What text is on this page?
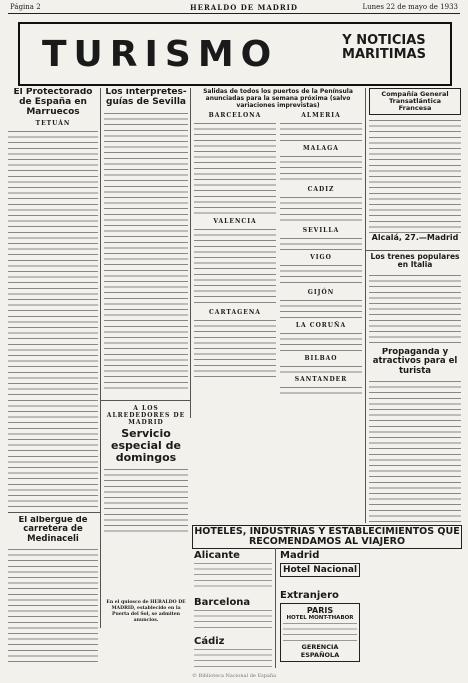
Página 2	HERALDO DE MADRID	Lunes 22 de mayo de 1933
TURISMO	Y NOTICIAS
MARITIMAS
El Protectorado de España en Marruecos
TETUÁN
El albergue de carretera de Medinaceli
Los intérpretes-guías de Sevilla
A LOS ALREDEDORES DE MADRID
Servicio especial de domingos
En el quiosco de HERALDO DE MADRID, establecido en la Puerta del Sol, se admiten anuncios.
Salidas de todos los puertos de la Península anunciadas para la semana próxima (salvo variaciones imprevistas)
BARCELONA
VALENCIA
CARTAGENA
ALMERIA
MALAGA
CADIZ
SEVILLA
VIGO
GIJÓN
LA CORUÑA
BILBAO
SANTANDER
Compañía General Transatlántica Francesa
Alcalá, 27.—Madrid
Los trenes populares en Italia
Propaganda y atractivos para el turista
HOTELES, INDUSTRIAS Y ESTABLECIMIENTOS QUE RECOMENDAMOS AL VIAJERO
Alicante
Barcelona
Cádiz
Madrid
Hotel Nacional
Extranjero
PARIS
HOTEL MONT-THABOR
GERENCIA ESPAÑOLA
© Biblioteca Nacional de España
